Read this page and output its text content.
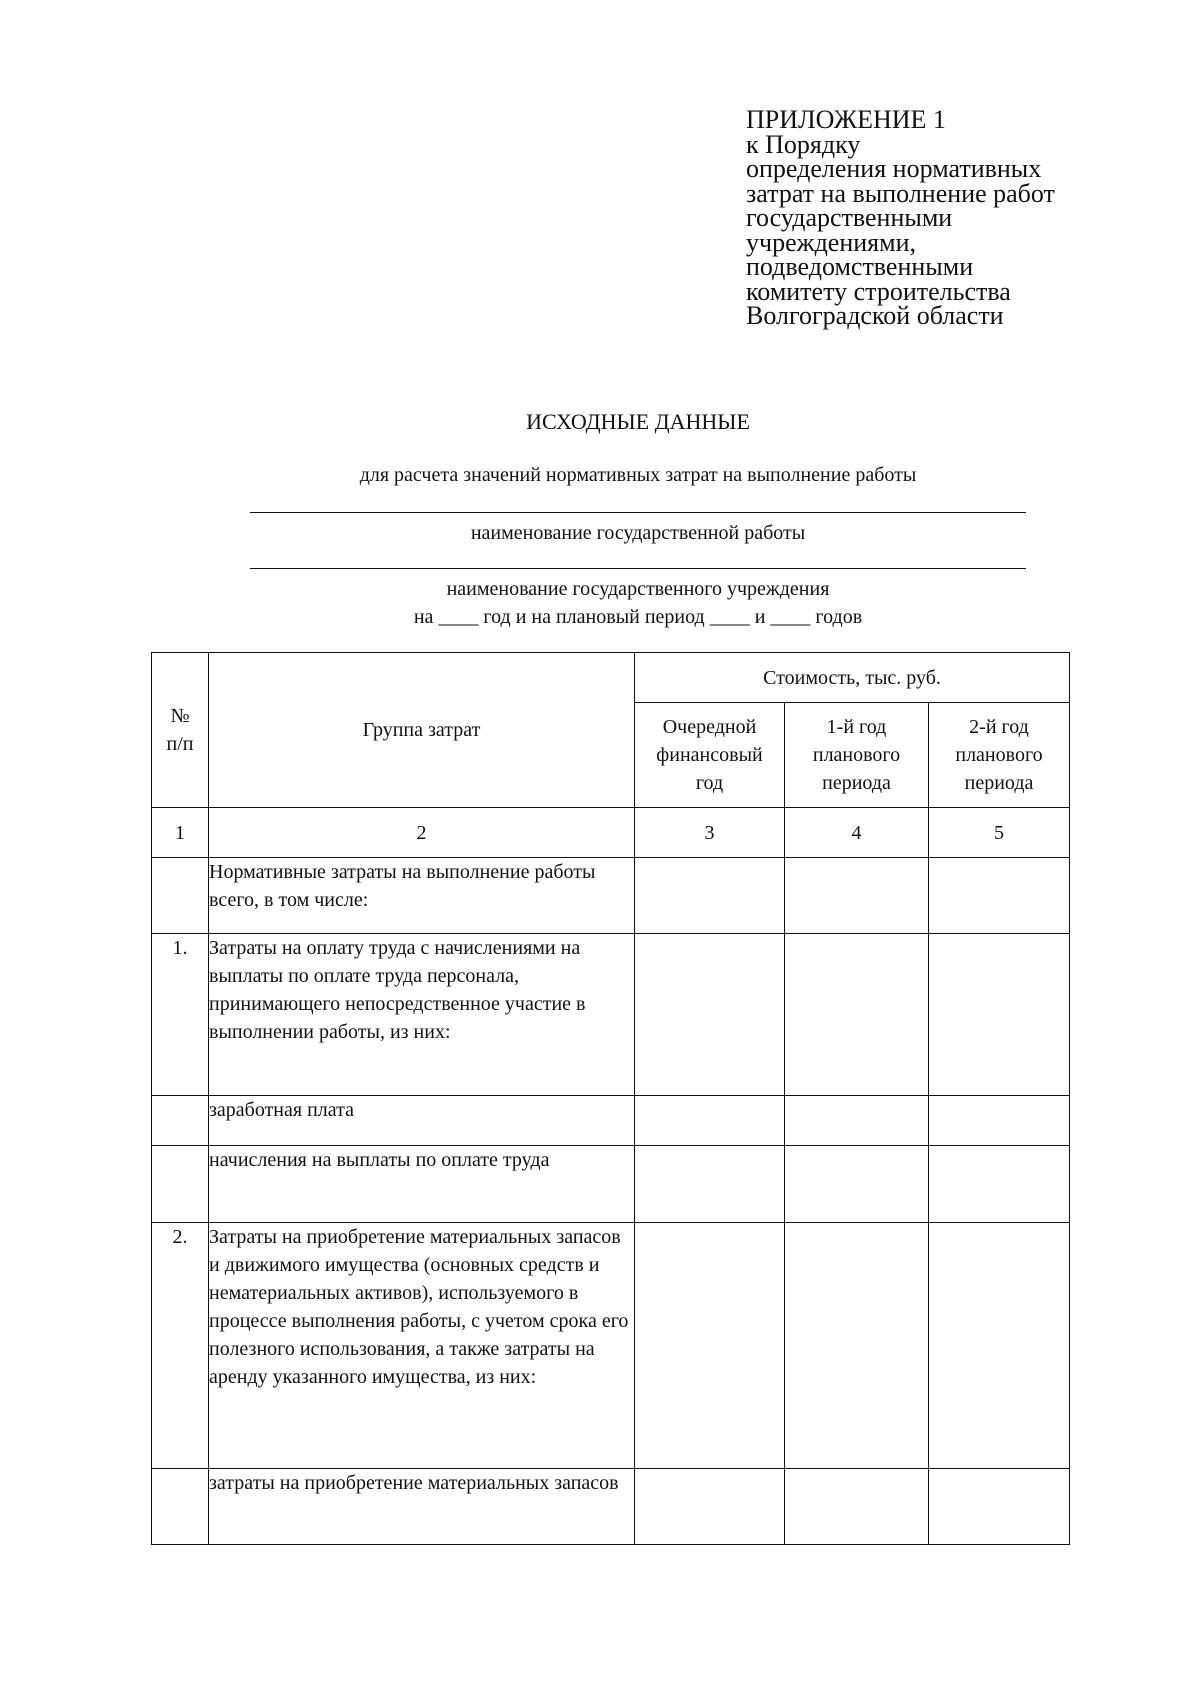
ПРИЛОЖЕНИЕ 1
к Порядку
определения нормативных
затрат на выполнение работ
государственными
учреждениями,
подведомственными
комитету строительства
Волгоградской области
ИСХОДНЫЕ ДАННЫЕ
для расчета значений нормативных затрат на выполнение работы
наименование государственной работы
наименование государственного учреждения
на ____ год и на плановый период ____ и ____ годов
№ п/п	Группа затрат	Стоимость, тыс. руб.		

		Очередной финансовый год	1-й год планового периода	2-й год планового периода

1	2	3	4	5
	Нормативные затраты на выполнение работы всего, в том числе:			
1.	Затраты на оплату труда с начислениями на выплаты по оплате труда персонала, принимающего непосредственное участие в выполнении работы, из них:			
	заработная плата			
	начисления на выплаты по оплате труда			
2.	Затраты на приобретение материальных запасов и движимого имущества (основных средств и нематериальных активов), используемого в процессе выполнения работы, с учетом срока его полезного использования, а также затраты на аренду указанного имущества, из них:			
	затраты на приобретение материальных запасов			
